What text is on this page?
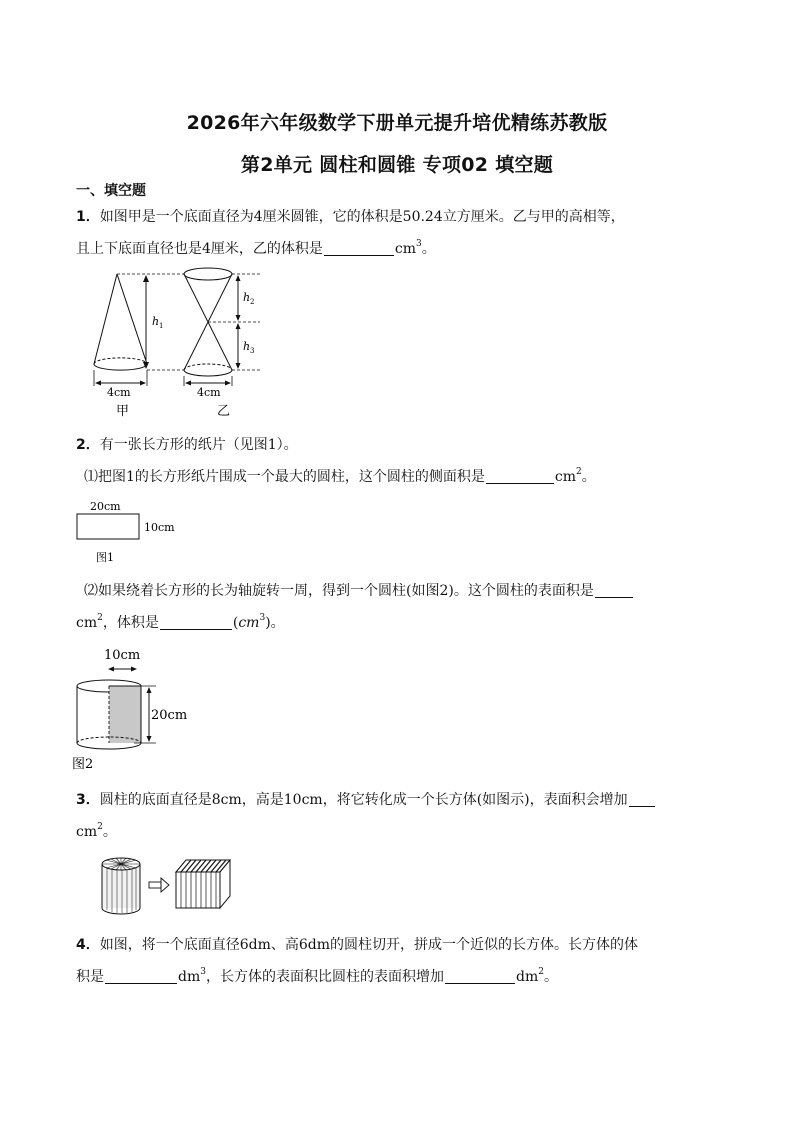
2026年六年级数学下册单元提升培优精练苏教版
第2单元 圆柱和圆锥 专项02 填空题
一、填空题
1．如图甲是一个底面直径为4厘米圆锥，它的体积是50.24立方厘米。乙与甲的高相等，
且上下底面直径也是4厘米，乙的体积是	$cm^3$。
h 1
4cm
甲
h 2
h 3
4cm
乙
2．有一张长方形的纸片（见图1）。
⑴把图1的长方形纸片围成一个最大的圆柱，这个圆柱的侧面积是	$cm^2$。
20cm
10cm
图1
⑵如果绕着长方形的长为轴旋转一周，得到一个圆柱(如图2)。这个圆柱的表面积是
$cm^2$，体积是	$(cm^3)$。
10cm
20cm
图2
3．圆柱的底面直径是8cm，高是10cm，将它转化成一个长方体(如图示)，表面积会增加
$cm^2$。
4．如图，将一个底面直径6dm、高6dm的圆柱切开，拼成一个近似的长方体。长方体的体
积是	$dm^3$，长方体的表面积比圆柱的表面积增加	$dm^2$。
